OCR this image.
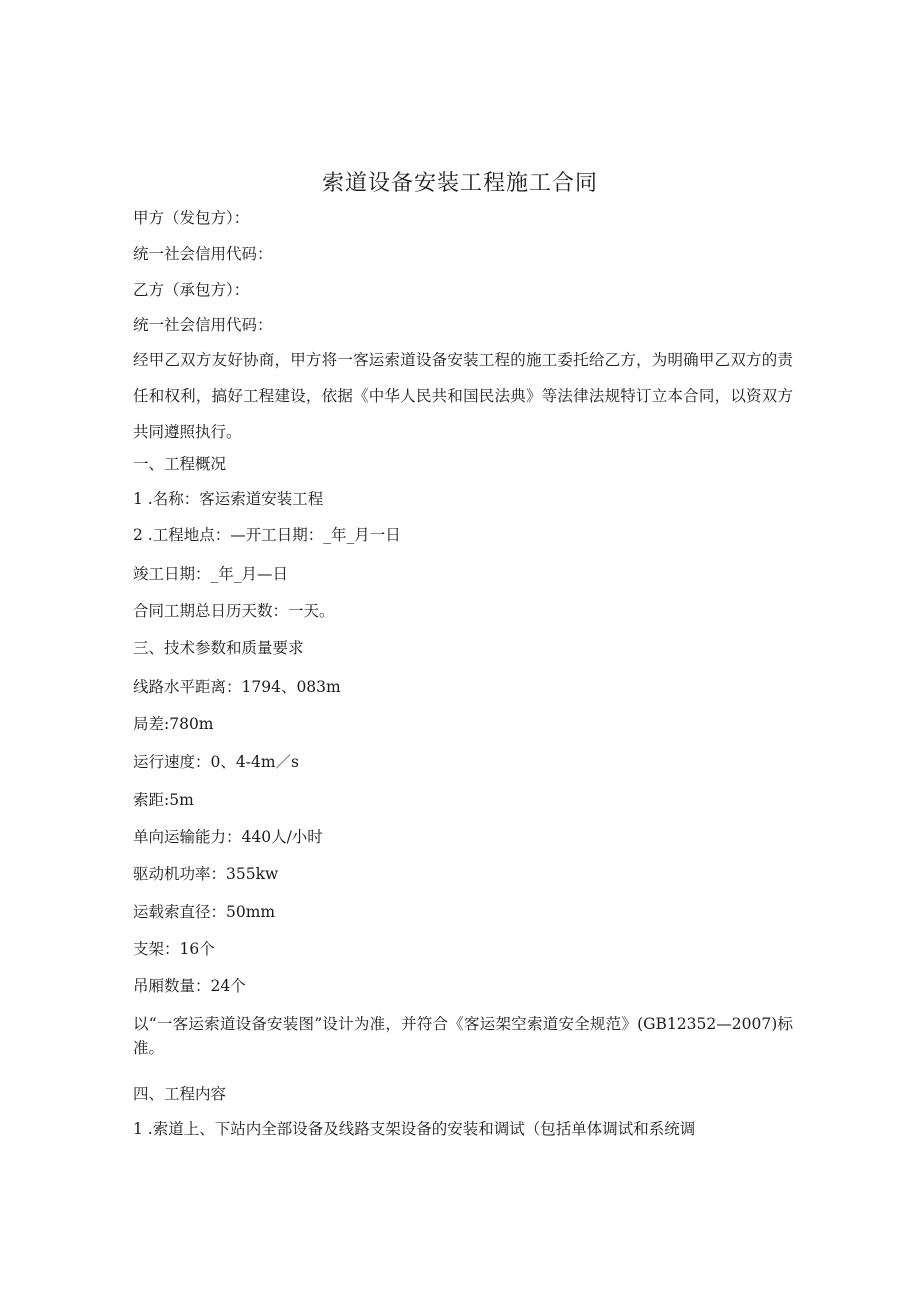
索道设备安装工程施工合同
甲方（发包方）：
统一社会信用代码：
乙方（承包方）：
统一社会信用代码：
经甲乙双方友好协商，甲方将一客运索道设备安装工程的施工委托给乙方，为明确甲乙双方的责任和权利，搞好工程建设，依据《中华人民共和国民法典》等法律法规特订立本合同，以资双方共同遵照执行。
一、工程概况
1 .名称：客运索道安装工程
2 .工程地点：—开工日期：_年_月一日
竣工日期：_年_月—日
合同工期总日历天数：一天。
三、技术参数和质量要求
线路水平距离：1794、083m
局差:780m
运行速度：0、4-4m／s
索距:5m
单向运输能力：440人/小时
驱动机功率：355kw
运载索直径：50mm
支架：16个
吊厢数量：24个
以“一客运索道设备安装图”设计为准，并符合《客运架空索道安全规范》(GB12352—2007)标准。
四、工程内容
1 .索道上、下站内全部设备及线路支架设备的安装和调试（包括单体调试和系统调
